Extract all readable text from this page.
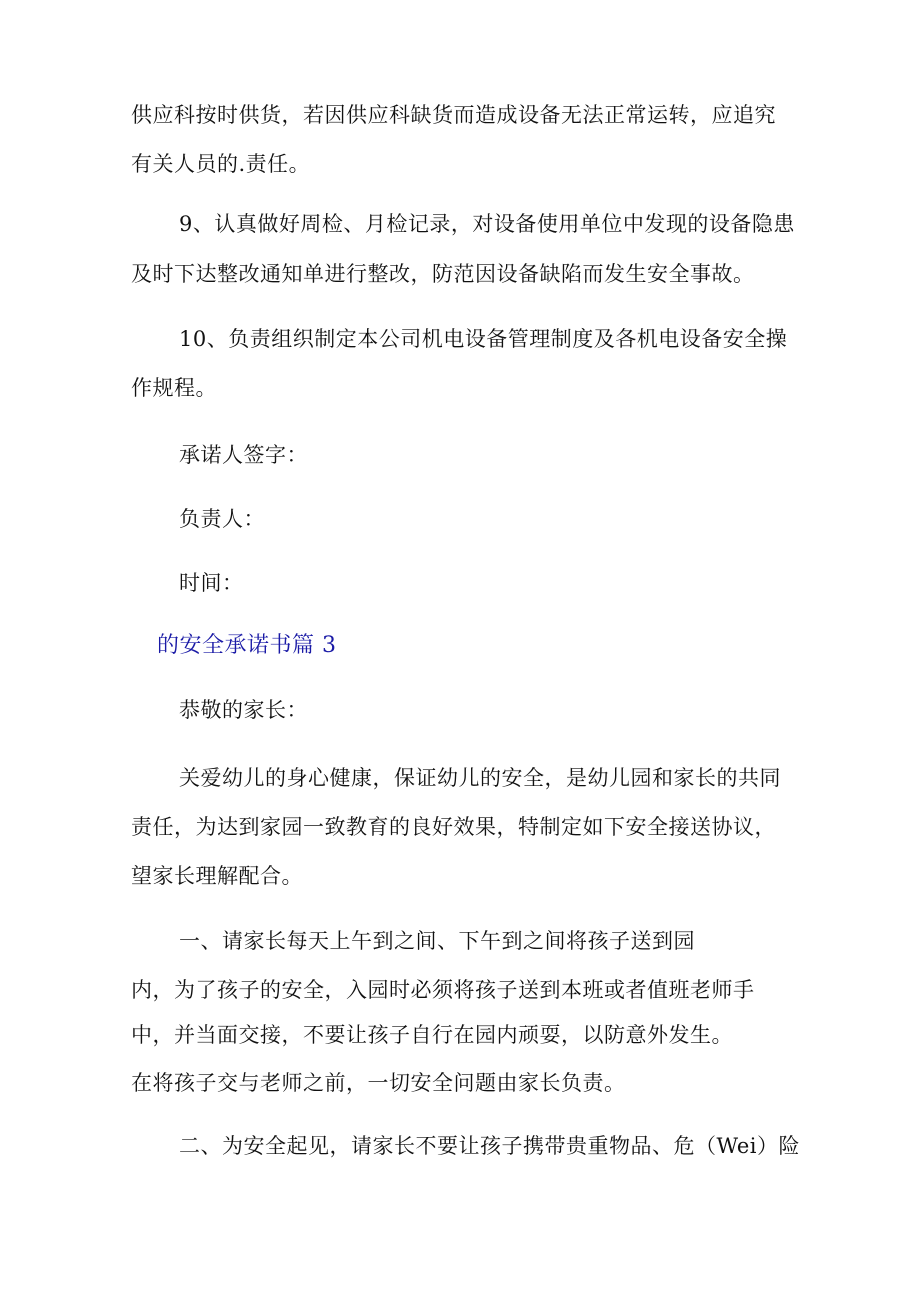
供应科按时供货，若因供应科缺货而造成设备无法正常运转，应追究

有关人员的.责任。

9、认真做好周检、月检记录，对设备使用单位中发现的设备隐患

及时下达整改通知单进行整改，防范因设备缺陷而发生安全事故。

10、负责组织制定本公司机电设备管理制度及各机电设备安全操

作规程。

承诺人签字：

负责人：

时间：

的安全承诺书篇 3

恭敬的家长：

关爱幼儿的身心健康，保证幼儿的安全，是幼儿园和家长的共同

责任，为达到家园一致教育的良好效果，特制定如下安全接送协议，

望家长理解配合。

一、请家长每天上午到之间、下午到之间将孩子送到园

内，为了孩子的安全，入园时必须将孩子送到本班或者值班老师手

中，并当面交接，不要让孩子自行在园内顽耍，以防意外发生。

在将孩子交与老师之前，一切安全问题由家长负责。

二、为安全起见，请家长不要让孩子携带贵重物品、危（Wei）险
